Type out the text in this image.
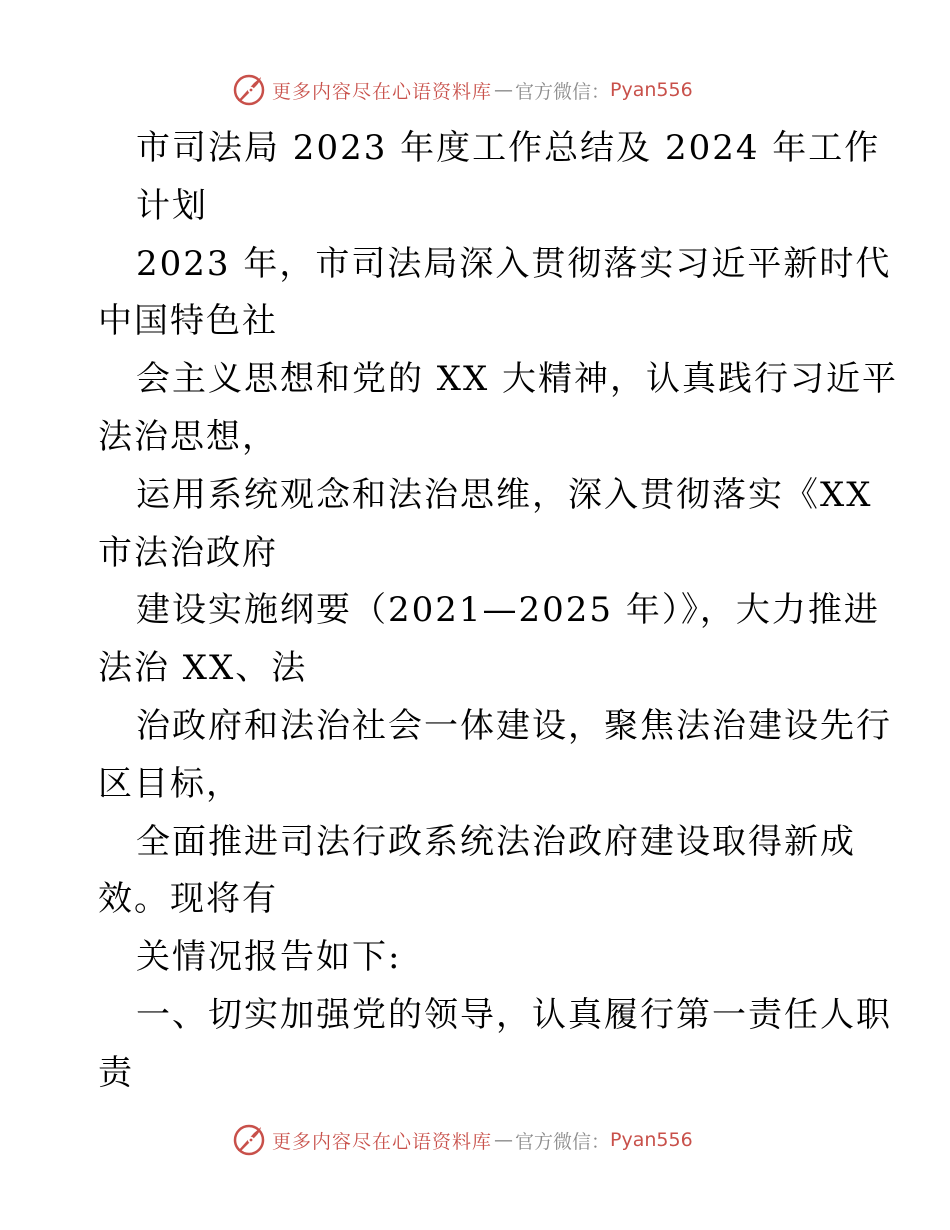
更多内容尽在心语资料库 — 官方微信： Pyan556
市司法局 2023 年度工作总结及 2024 年工作
计划
2023 年，市司法局深入贯彻落实习近平新时代
中国特色社
会主义思想和党的 XX 大精神，认真践行习近平
法治思想，
运用系统观念和法治思维，深入贯彻落实《XX
市法治政府
建设实施纲要（2021—2025 年）》，大力推进
法治 XX、法
治政府和法治社会一体建设，聚焦法治建设先行
区目标，
全面推进司法行政系统法治政府建设取得新成
效。现将有
关情况报告如下:
一、切实加强党的领导，认真履行第一责任人职
责
更多内容尽在心语资料库 — 官方微信： Pyan556
